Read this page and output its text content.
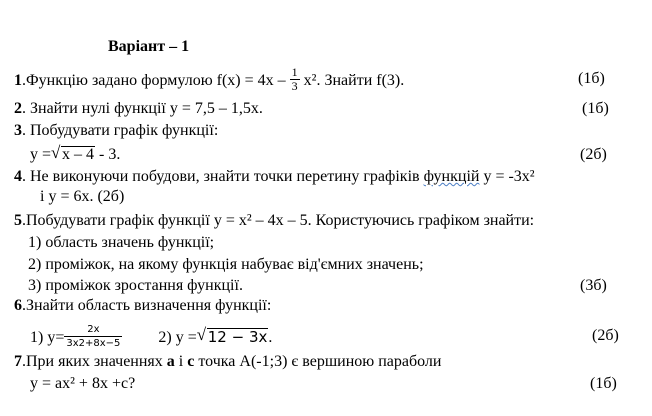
Варіант – 1
1.Функцію задано формулою $f(x) = 4x - \frac{1}{3} x^2$. Знайти f(3).	(1б)
2. Знайти нулі функції y = 7,5 – 1,5x.	(1б)
3. Побудувати графік функції:
y = √ x – 4 - 3.	(2б)
4. Не виконуючи побудови, знайти точки перетину графіків функцій y = -3x²
і y = 6x. (2б)
5.Побудувати графік функції y = x² – 4x – 5. Користуючись графіком знайти:
1) область значень функції;
2) проміжок, на якому функція набуває від'ємних значень;
3) проміжок зростання функції.	(3б)
6.Знайти область визначення функції:
1) $y= \frac{2x}{3x2+8x-5} 2$) y = √ 12 − 3x.	(2б)
7.При яких значеннях a і c точка A(-1;3) є вершиною параболи
y = ax² + 8x +c?	(1б)
